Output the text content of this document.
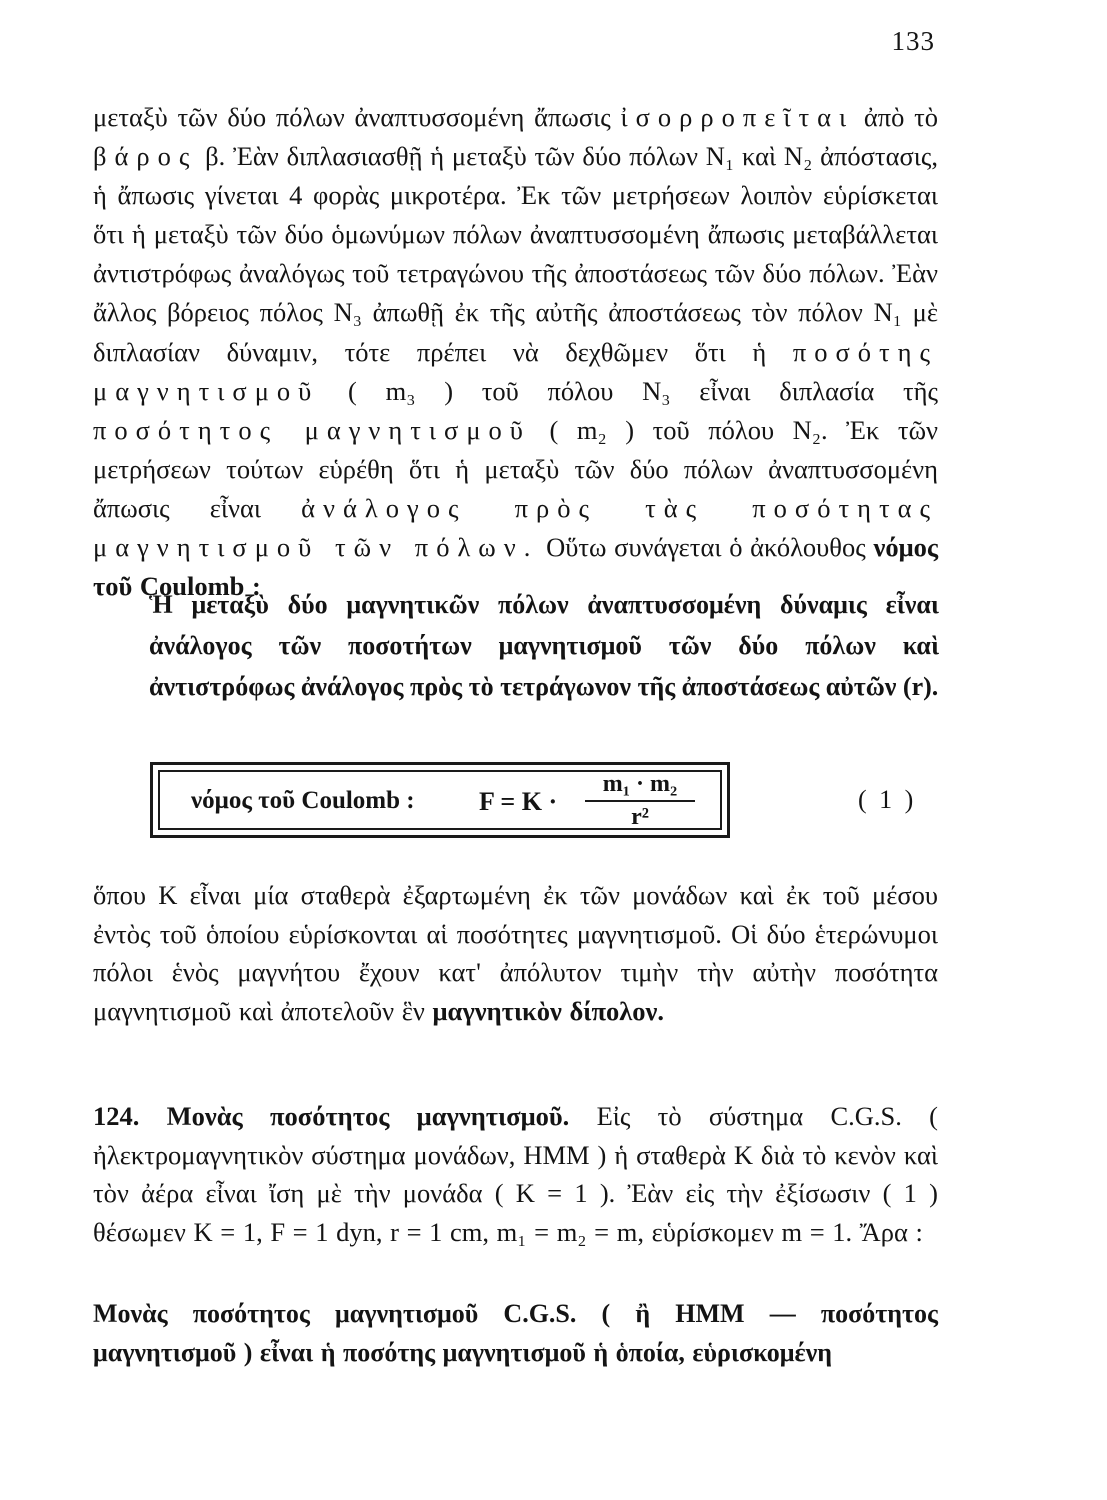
133

μεταξὺ τῶν δύο πόλων ἀναπτυσσομένη ἄπωσις ἰσορροπεῖται ἀπὸ τὸ βάρος β. Ἐὰν διπλασιασθῇ ἡ μεταξὺ τῶν δύο πόλων N₁ καὶ N₂ ἀπόστασις, ἡ ἄπωσις γίνεται 4 φορὰς μικροτέρα. Ἐκ τῶν μετρήσεων λοιπὸν εὑρίσκεται ὅτι ἡ μεταξὺ τῶν δύο ὁμωνύμων πόλων ἀναπτυσσομένη ἄπωσις μεταβάλλεται ἀντιστρόφως ἀναλόγως τοῦ τετραγώνου τῆς ἀποστάσεως τῶν δύο πόλων. Ἐὰν ἄλλος βόρειος πόλος N₃ ἀπωθῇ ἐκ τῆς αὐτῆς ἀποστάσεως τὸν πόλον N₁ μὲ διπλασίαν δύναμιν, τότε πρέπει νὰ δεχθῶμεν ὅτι ἡ ποσότης μαγνητισμοῦ ( m₃ ) τοῦ πόλου N₃ εἶναι διπλασία τῆς ποσότητος μαγνητισμοῦ ( m₂ ) τοῦ πόλου N₂. Ἐκ τῶν μετρήσεων τούτων εὑρέθη ὅτι ἡ μεταξὺ τῶν δύο πόλων ἀναπτυσσομένη ἄπωσις εἶναι ἀνάλογος πρὸς τὰς ποσότητας μαγνητισμοῦ τῶν πόλων. Οὕτω συνάγεται ὁ ἀκόλουθος νόμος τοῦ Coulomb :

Ἡ μεταξὺ δύο μαγνητικῶν πόλων ἀναπτυσσομένη δύναμις εἶναι ἀνάλογος τῶν ποσοτήτων μαγνητισμοῦ τῶν δύο πόλων καὶ ἀντιστρόφως ἀνάλογος πρὸς τὸ τετράγωνον τῆς ἀποστάσεως αὐτῶν (r).

νόμος τοῦ Coulomb : $F = K \cdot \frac{\text{m₁ · m₂}}{\text{r²}}$	( 1 )

ὅπου K εἶναι μία σταθερὰ ἐξαρτωμένη ἐκ τῶν μονάδων καὶ ἐκ τοῦ μέσου ἐντὸς τοῦ ὁποίου εὑρίσκονται αἱ ποσότητες μαγνητισμοῦ. Οἱ δύο ἑτερώνυμοι πόλοι ἑνὸς μαγνήτου ἔχουν κατ' ἀπόλυτον τιμὴν τὴν αὐτὴν ποσότητα μαγνητισμοῦ καὶ ἀποτελοῦν ἓν μαγνητικὸν δίπολον.

124. Μονὰς ποσότητος μαγνητισμοῦ. Εἰς τὸ σύστημα C.G.S. ( ἠλεκτρομαγνητικὸν σύστημα μονάδων, HMM ) ἡ σταθερὰ K διὰ τὸ κενὸν καὶ τὸν ἀέρα εἶναι ἴση μὲ τὴν μονάδα ( K = 1 ). Ἐὰν εἰς τὴν ἐξίσωσιν ( 1 ) θέσωμεν K = 1, F = 1 dyn, r = 1 cm, m₁ = m₂ = m, εὑρίσκομεν m = 1. Ἄρα :

Μονὰς ποσότητος μαγνητισμοῦ C.G.S. ( ἢ HMM — ποσότητος μαγνητισμοῦ ) εἶναι ἡ ποσότης μαγνητισμοῦ ἡ ὁποία, εὑρισκομένη
